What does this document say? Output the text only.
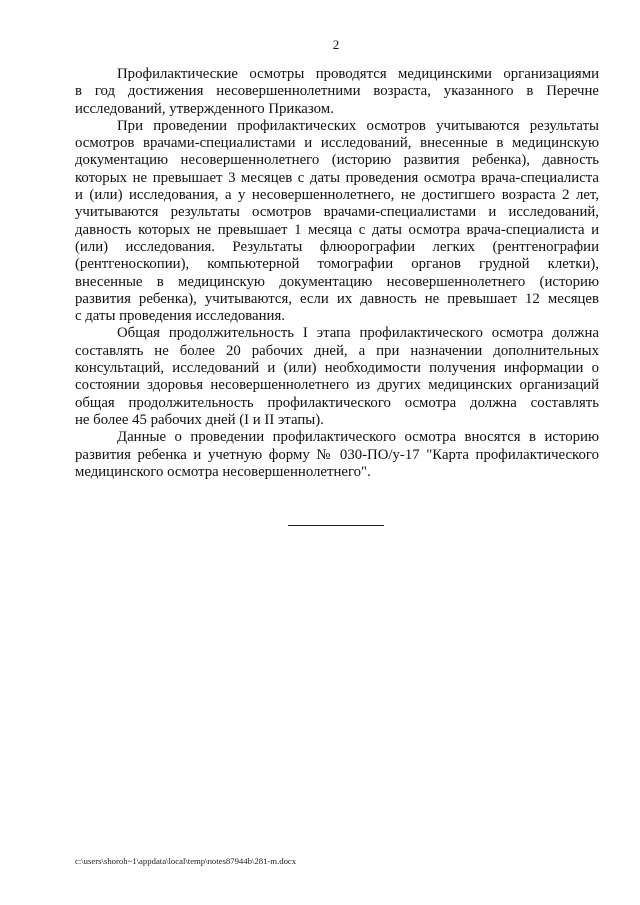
2
Профилактические осмотры проводятся медицинскими организациями
в год достижения несовершеннолетними возраста, указанного в Перечне
исследований, утвержденного Приказом.
При проведении профилактических осмотров учитываются результаты
осмотров врачами-специалистами и исследований, внесенные в медицинскую
документацию несовершеннолетнего (историю развития ребенка), давность
которых не превышает 3 месяцев с даты проведения осмотра врача-специалиста
и (или) исследования, а у несовершеннолетнего, не достигшего возраста 2 лет,
учитываются результаты осмотров врачами-специалистами и исследований,
давность которых не превышает 1 месяца с даты осмотра врача-специалиста и
(или) исследования. Результаты флюорографии легких (рентгенографии
(рентгеноскопии), компьютерной томографии органов грудной клетки),
внесенные в медицинскую документацию несовершеннолетнего (историю
развития ребенка), учитываются, если их давность не превышает 12 месяцев
с даты проведения исследования.
Общая продолжительность I этапа профилактического осмотра должна
составлять не более 20 рабочих дней, а при назначении дополнительных
консультаций, исследований и (или) необходимости получения информации о
состоянии здоровья несовершеннолетнего из других медицинских организаций
общая продолжительность профилактического осмотра должна составлять
не более 45 рабочих дней (I и II этапы).
Данные о проведении профилактического осмотра вносятся в историю
развития ребенка и учетную форму № 030-ПО/у-17 "Карта профилактического
медицинского осмотра несовершеннолетнего".
c:\users\shoroh~1\appdata\local\temp\notes87944b\281-m.docx
